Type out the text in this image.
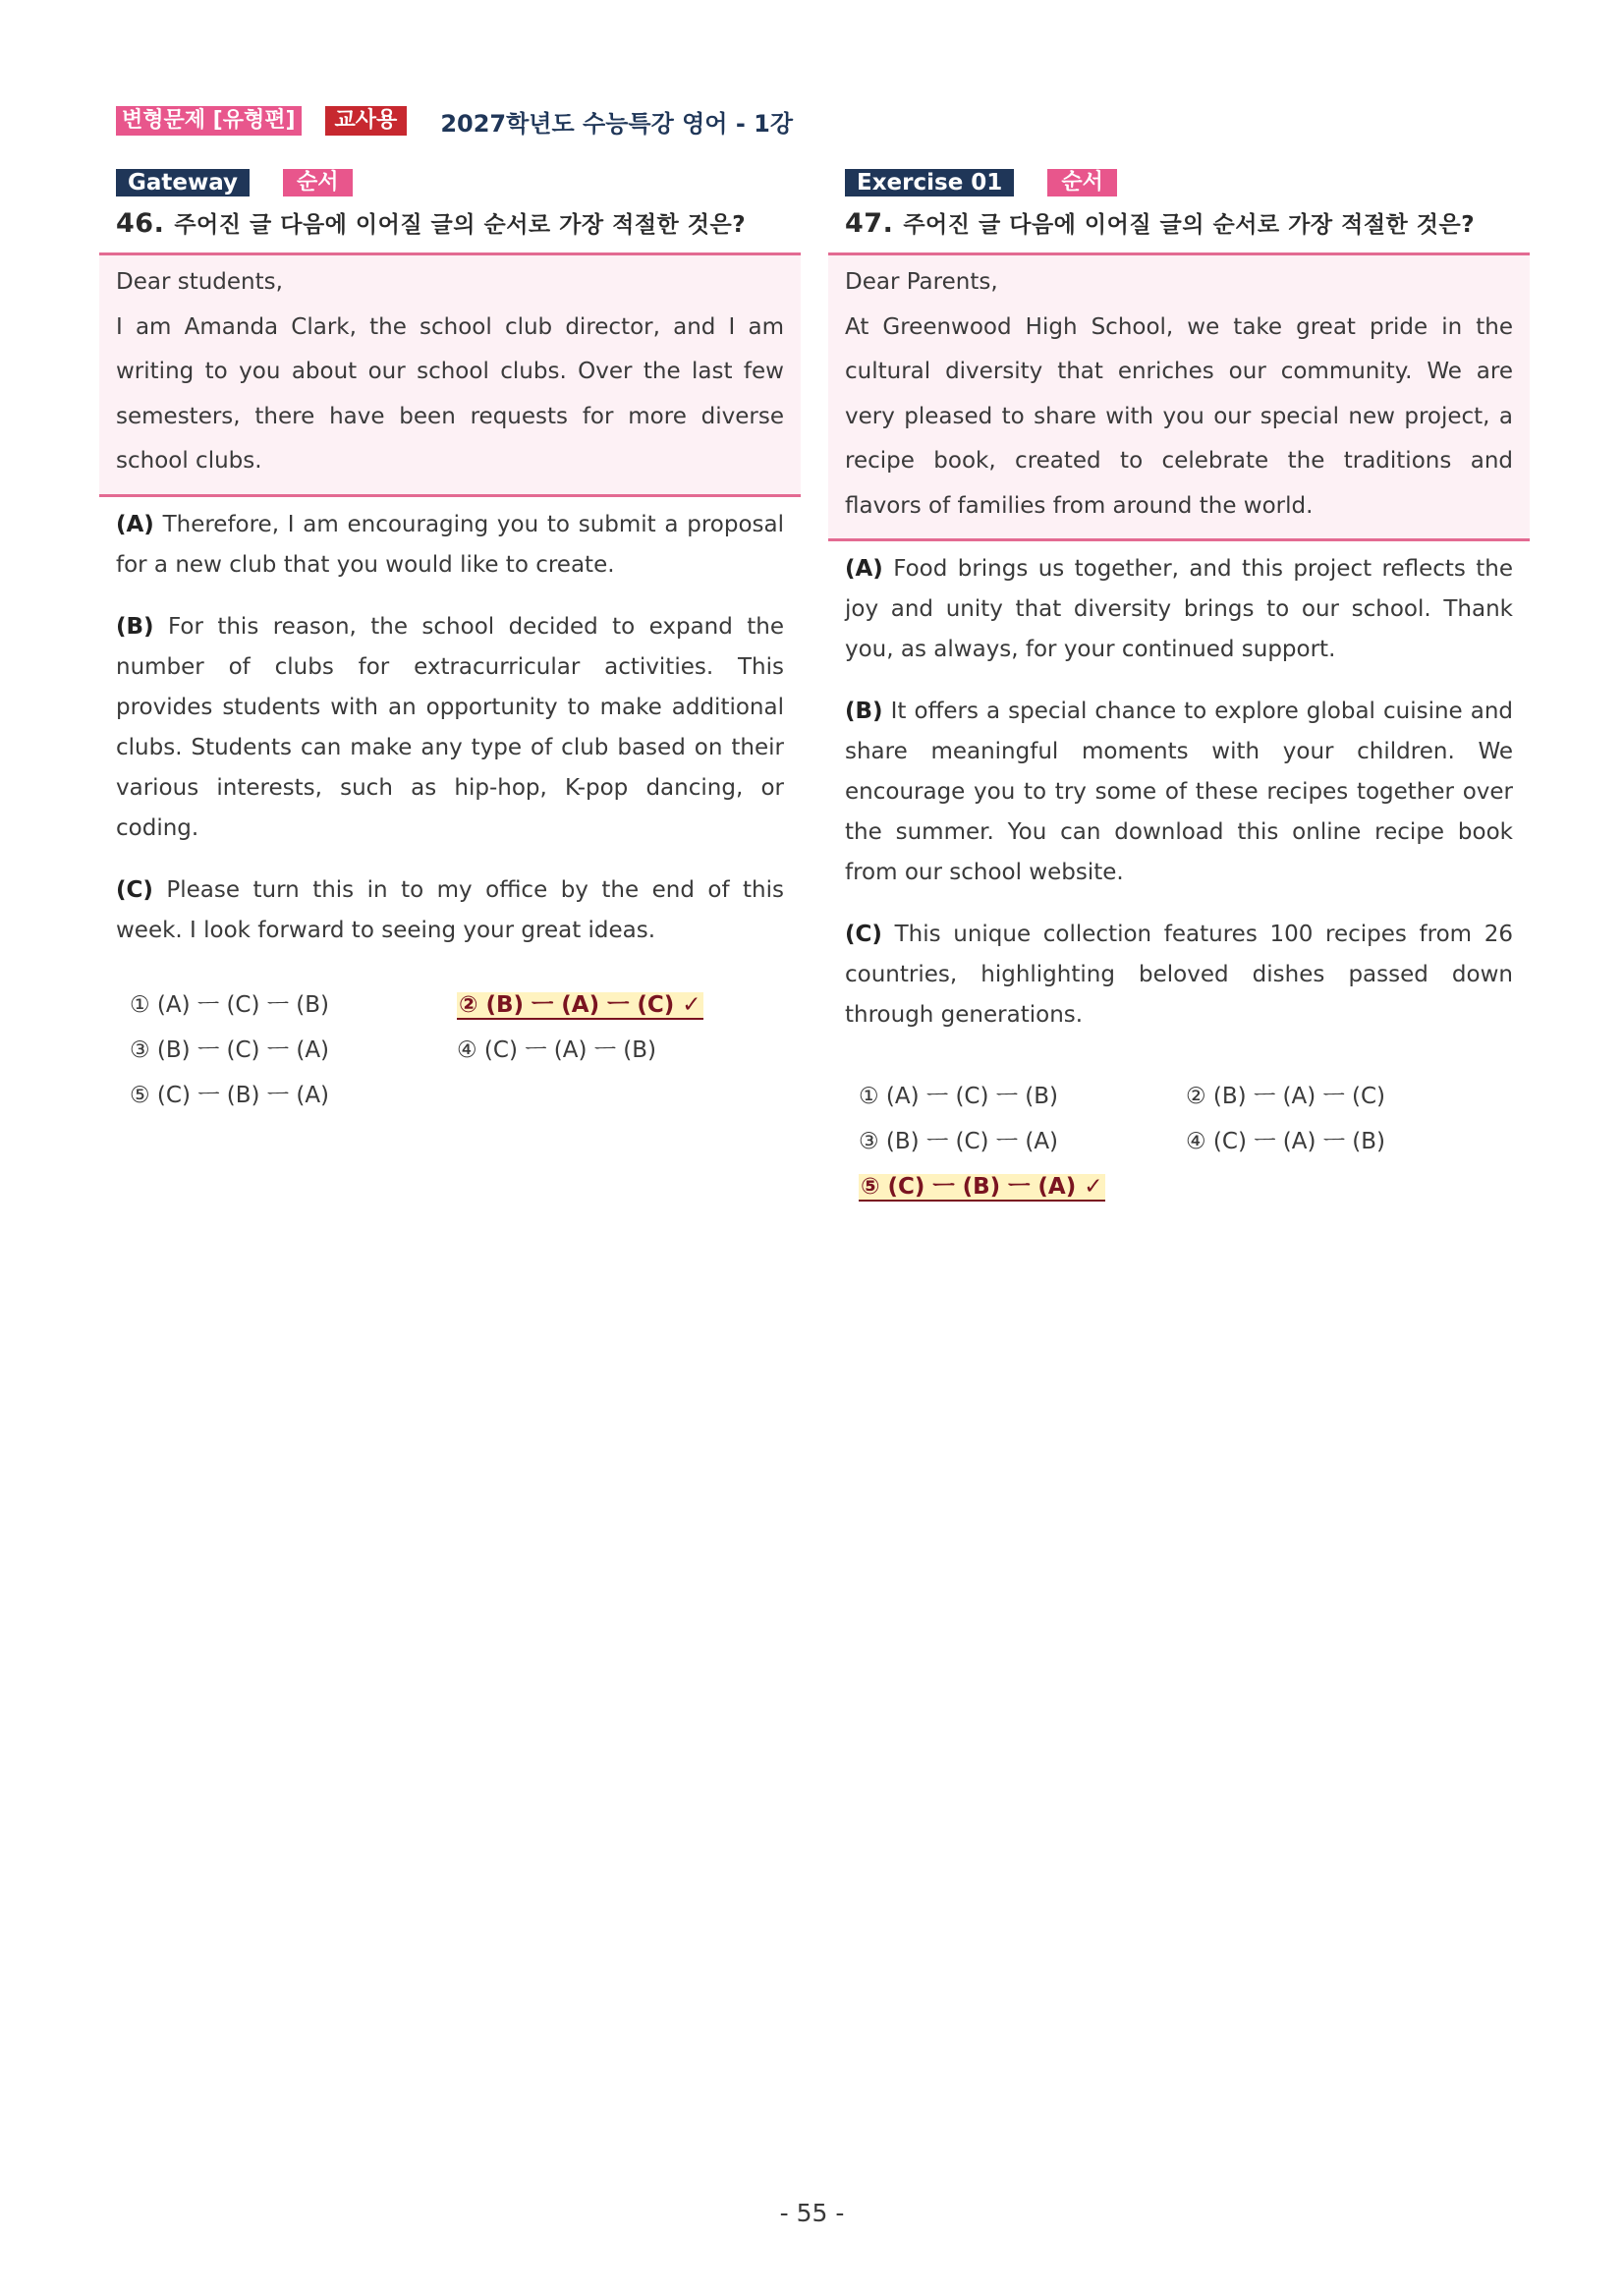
변형문제 [유형편]	교사용	2027학년도 수능특강 영어 - 1강
Gateway	순서
46. 주어진 글 다음에 이어질 글의 순서로 가장 적절한 것은?

Dear students,

I am Amanda Clark, the school club director, and I am writing to you about our school clubs. Over the last few semesters, there have been requests for more diverse school clubs.

(A) Therefore, I am encouraging you to submit a proposal for a new club that you would like to create.

(B) For this reason, the school decided to expand the number of clubs for extracurricular activities. This provides students with an opportunity to make additional clubs. Students can make any type of club based on their various interests, such as hip-hop, K-pop dancing, or coding.

(C) Please turn this in to my office by the end of this week. I look forward to seeing your great ideas.

① (A) ㅡ (C) ㅡ (B)	② (B) ㅡ (A) ㅡ (C) ✓
③ (B) ㅡ (C) ㅡ (A)	④ (C) ㅡ (A) ㅡ (B)
⑤ (C) ㅡ (B) ㅡ (A)
Exercise 01	순서
47. 주어진 글 다음에 이어질 글의 순서로 가장 적절한 것은?

Dear Parents,

At Greenwood High School, we take great pride in the cultural diversity that enriches our community. We are very pleased to share with you our special new project, a recipe book, created to celebrate the traditions and flavors of families from around the world.

(A) Food brings us together, and this project reflects the joy and unity that diversity brings to our school. Thank you, as always, for your continued support.

(B) It offers a special chance to explore global cuisine and share meaningful moments with your children. We encourage you to try some of these recipes together over the summer. You can download this online recipe book from our school website.

(C) This unique collection features 100 recipes from 26 countries, highlighting beloved dishes passed down through generations.

① (A) ㅡ (C) ㅡ (B)	② (B) ㅡ (A) ㅡ (C)
③ (B) ㅡ (C) ㅡ (A)	④ (C) ㅡ (A) ㅡ (B)
⑤ (C) ㅡ (B) ㅡ (A) ✓
- 55 -
